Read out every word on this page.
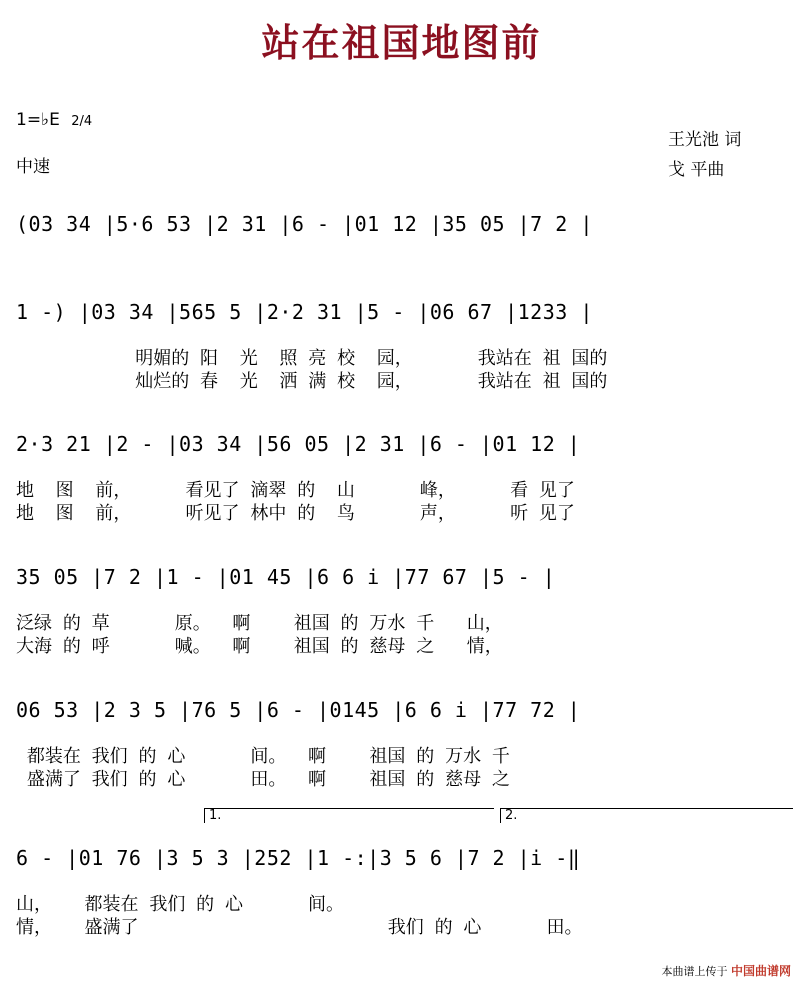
站在祖国地图前
1=♭E 2/4
中速
王光池 词
戈 平曲
(03 34 |5·6 53 |2 31 |6 - |01 12 |35 05 |7 2 |
1 -) |03 34 |565 5 |2·2 31 |5 - |06 67 |1233 |
明媚的 阳  光  照 亮 校  园，      我站在 祖 国的
灿烂的 春  光  洒 满 校  园，      我站在 祖 国的
2·3 21 |2 - |03 34 |56 05 |2 31 |6 - |01 12 |
地  图  前，     看见了 滴翠 的  山      峰，     看 见了
地  图  前，     听见了 林中 的  鸟      声，     听 见了
35 05 |7 2 |1 - |01 45 |6 6 i |77 67 |5 - |
泛绿 的 草      原。  啊    祖国 的 万水 千   山，
大海 的 呼      喊。  啊    祖国 的 慈母 之   情，
06 53 |2 3 5 |76 5 |6 - |0145 |6 6 i |77 72 |
都装在 我们 的 心      间。  啊    祖国 的 万水 千
盛满了 我们 的 心      田。  啊    祖国 的 慈母 之
1.	2.
6 - |01 76 |3 5 3 |252 |1 -:|3 5 6 |7 2 |i -‖
山，   都装在 我们 的 心      间。
情，   盛满了                       我们 的 心      田。
本曲谱上传于 中国曲谱网
